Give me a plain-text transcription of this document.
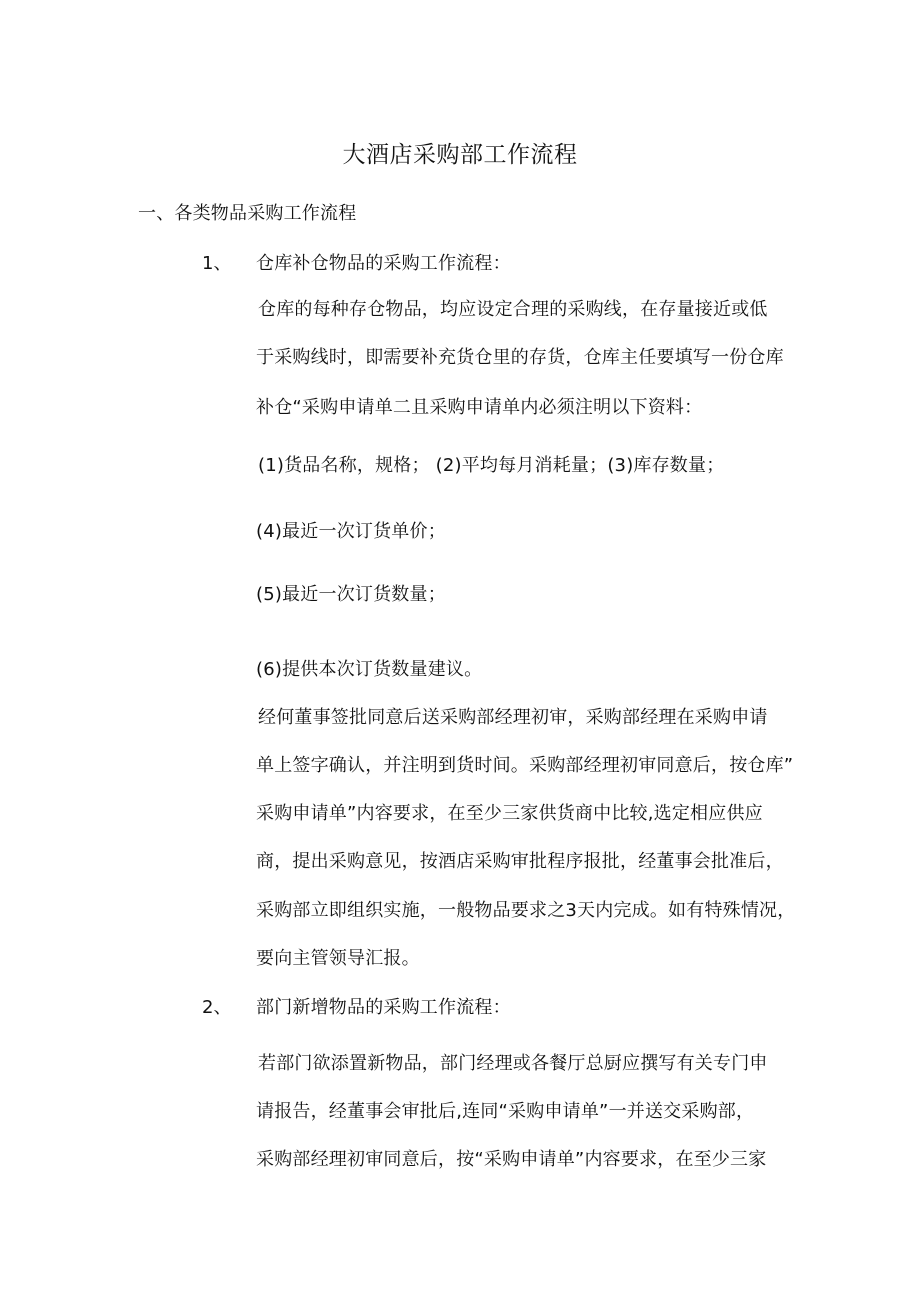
大酒店采购部工作流程
一、各类物品采购工作流程
1、 仓库补仓物品的采购工作流程：
仓库的每种存仓物品，均应设定合理的采购线，在存量接近或低
于采购线时，即需要补充货仓里的存货，仓库主任要填写一份仓库
补仓“采购申请单二且采购申请单内必须注明以下资料：
(1)货品名称，规格； (2)平均每月消耗量；(3)库存数量；
(4)最近一次订货单价；
(5)最近一次订货数量；
(6)提供本次订货数量建议。
经何董事签批同意后送采购部经理初审，采购部经理在采购申请
单上签字确认，并注明到货时间。采购部经理初审同意后，按仓库”
采购申请单”内容要求，在至少三家供货商中比较,选定相应供应
商，提出采购意见，按酒店采购审批程序报批，经董事会批准后，
采购部立即组织实施，一般物品要求之3天内完成。如有特殊情况，
要向主管领导汇报。
2、 部门新增物品的采购工作流程：
若部门欲添置新物品，部门经理或各餐厅总厨应撰写有关专门申
请报告，经董事会审批后,连同“采购申请单”一并送交采购部，
采购部经理初审同意后，按“采购申请单”内容要求，在至少三家
